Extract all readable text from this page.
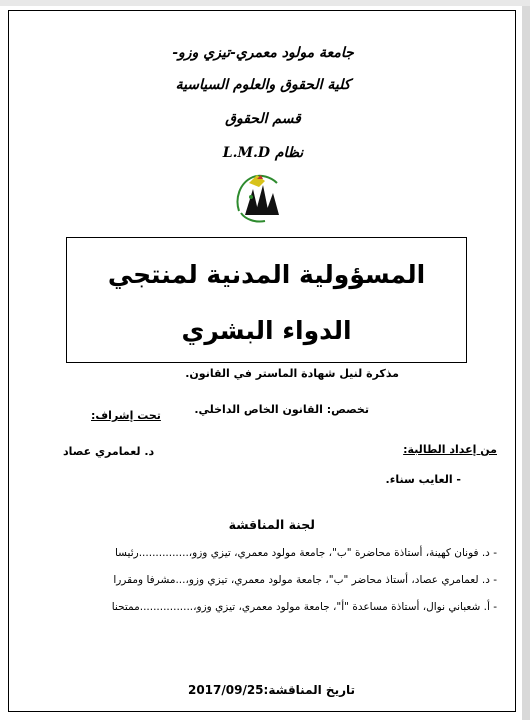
جامعة مولود معمري-تيزي وزو-
كلية الحقوق والعلوم السياسية
قسم الحقوق
نظام L.M.D
المسؤولية المدنية لمنتجي
الدواء البشري
مذكرة لنيل شهادة الماستر في القانون.
تخصص: القانون الخاص الداخلي.
من إعداد الطالبة:
- العايب سناء.
تحت إشراف:
د. لعمامري عصاد
لجنة المناقشة
- د. فونان كهينة، أستاذة محاضرة "ب"، جامعة مولود معمري، تيزي وزو،...............رئيسا
- د. لعمامري عصاد، أستاذ محاضر "ب"، جامعة مولود معمري، تيزي وزو،...مشرفا ومقررا
- أ. شعباني نوال، أستاذة مساعدة "أ"، جامعة مولود معمري، تيزي وزو،................ممتحنا
تاريخ المناقشة:2017/09/25
